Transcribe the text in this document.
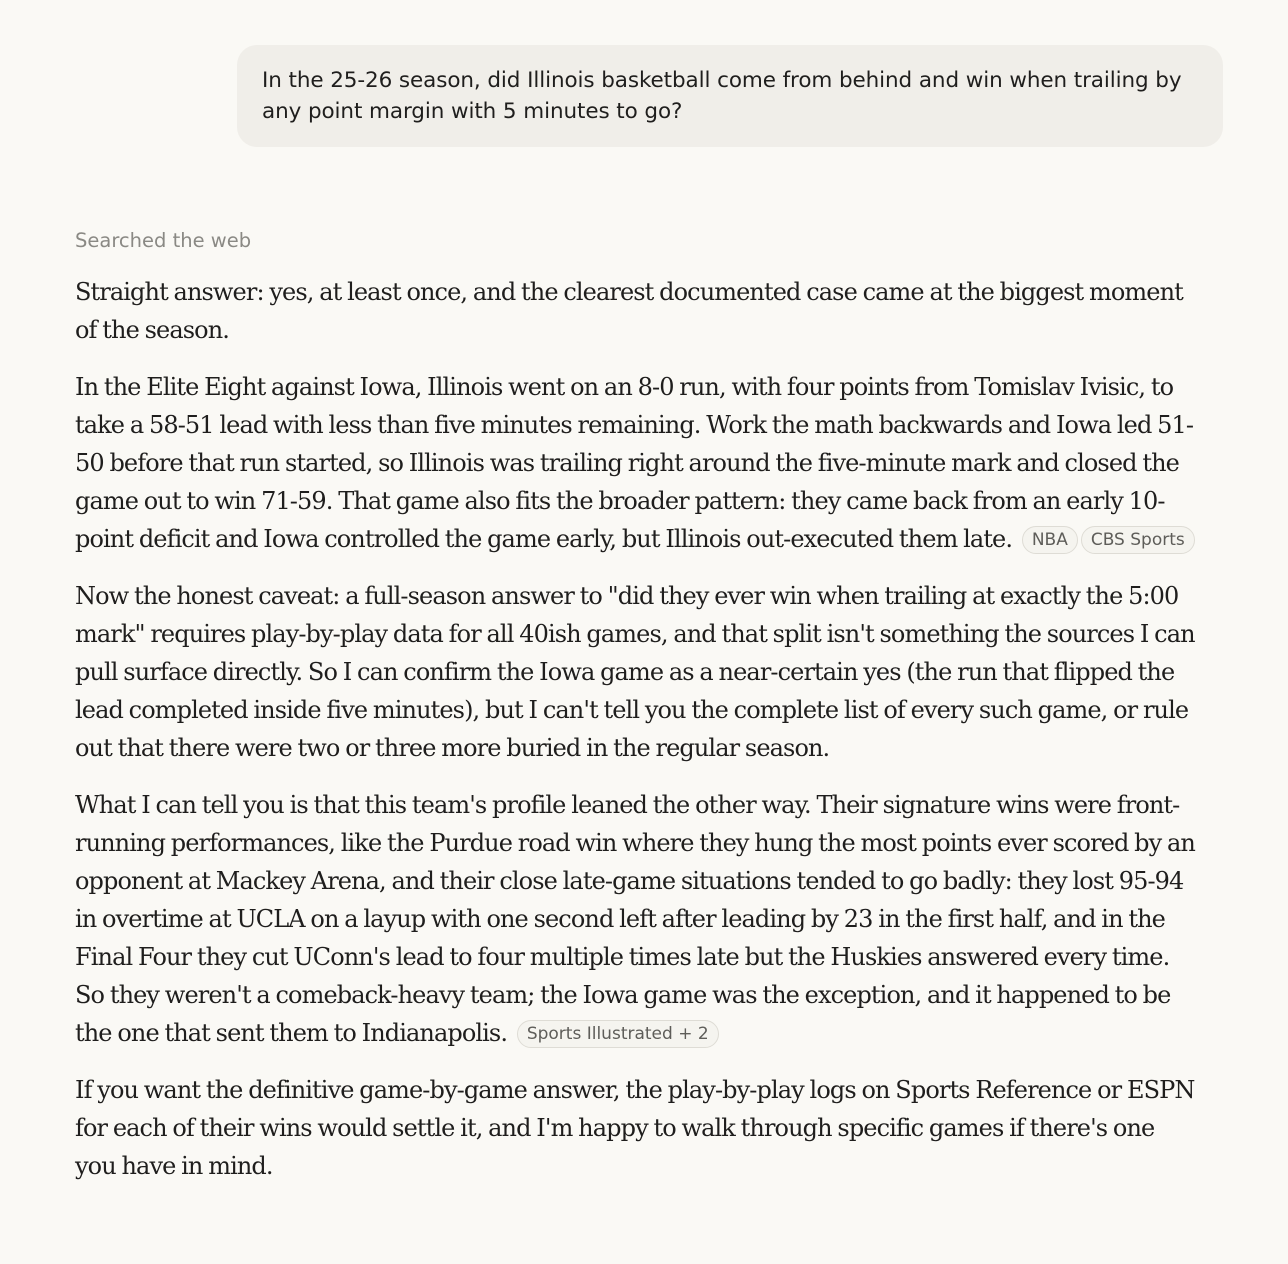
In the 25-26 season, did Illinois basketball come from behind and win when trailing by any point margin with 5 minutes to go?
Searched the web

Straight answer: yes, at least once, and the clearest documented case came at the biggest moment of the season.

In the Elite Eight against Iowa, Illinois went on an 8-0 run, with four points from Tomislav Ivisic, to take a 58-51 lead with less than five minutes remaining. Work the math backwards and Iowa led 51-50 before that run started, so Illinois was trailing right around the five-minute mark and closed the game out to win 71-59. That game also fits the broader pattern: they came back from an early 10-point deficit and Iowa controlled the game early, but Illinois out-executed them late. NBA CBS Sports

Now the honest caveat: a full-season answer to "did they ever win when trailing at exactly the 5:00 mark" requires play-by-play data for all 40ish games, and that split isn't something the sources I can pull surface directly. So I can confirm the Iowa game as a near-certain yes (the run that flipped the lead completed inside five minutes), but I can't tell you the complete list of every such game, or rule out that there were two or three more buried in the regular season.

What I can tell you is that this team's profile leaned the other way. Their signature wins were front-running performances, like the Purdue road win where they hung the most points ever scored by an opponent at Mackey Arena, and their close late-game situations tended to go badly: they lost 95-94 in overtime at UCLA on a layup with one second left after leading by 23 in the first half, and in the Final Four they cut UConn's lead to four multiple times late but the Huskies answered every time. So they weren't a comeback-heavy team; the Iowa game was the exception, and it happened to be the one that sent them to Indianapolis. Sports Illustrated + 2

If you want the definitive game-by-game answer, the play-by-play logs on Sports Reference or ESPN for each of their wins would settle it, and I'm happy to walk through specific games if there's one you have in mind.
